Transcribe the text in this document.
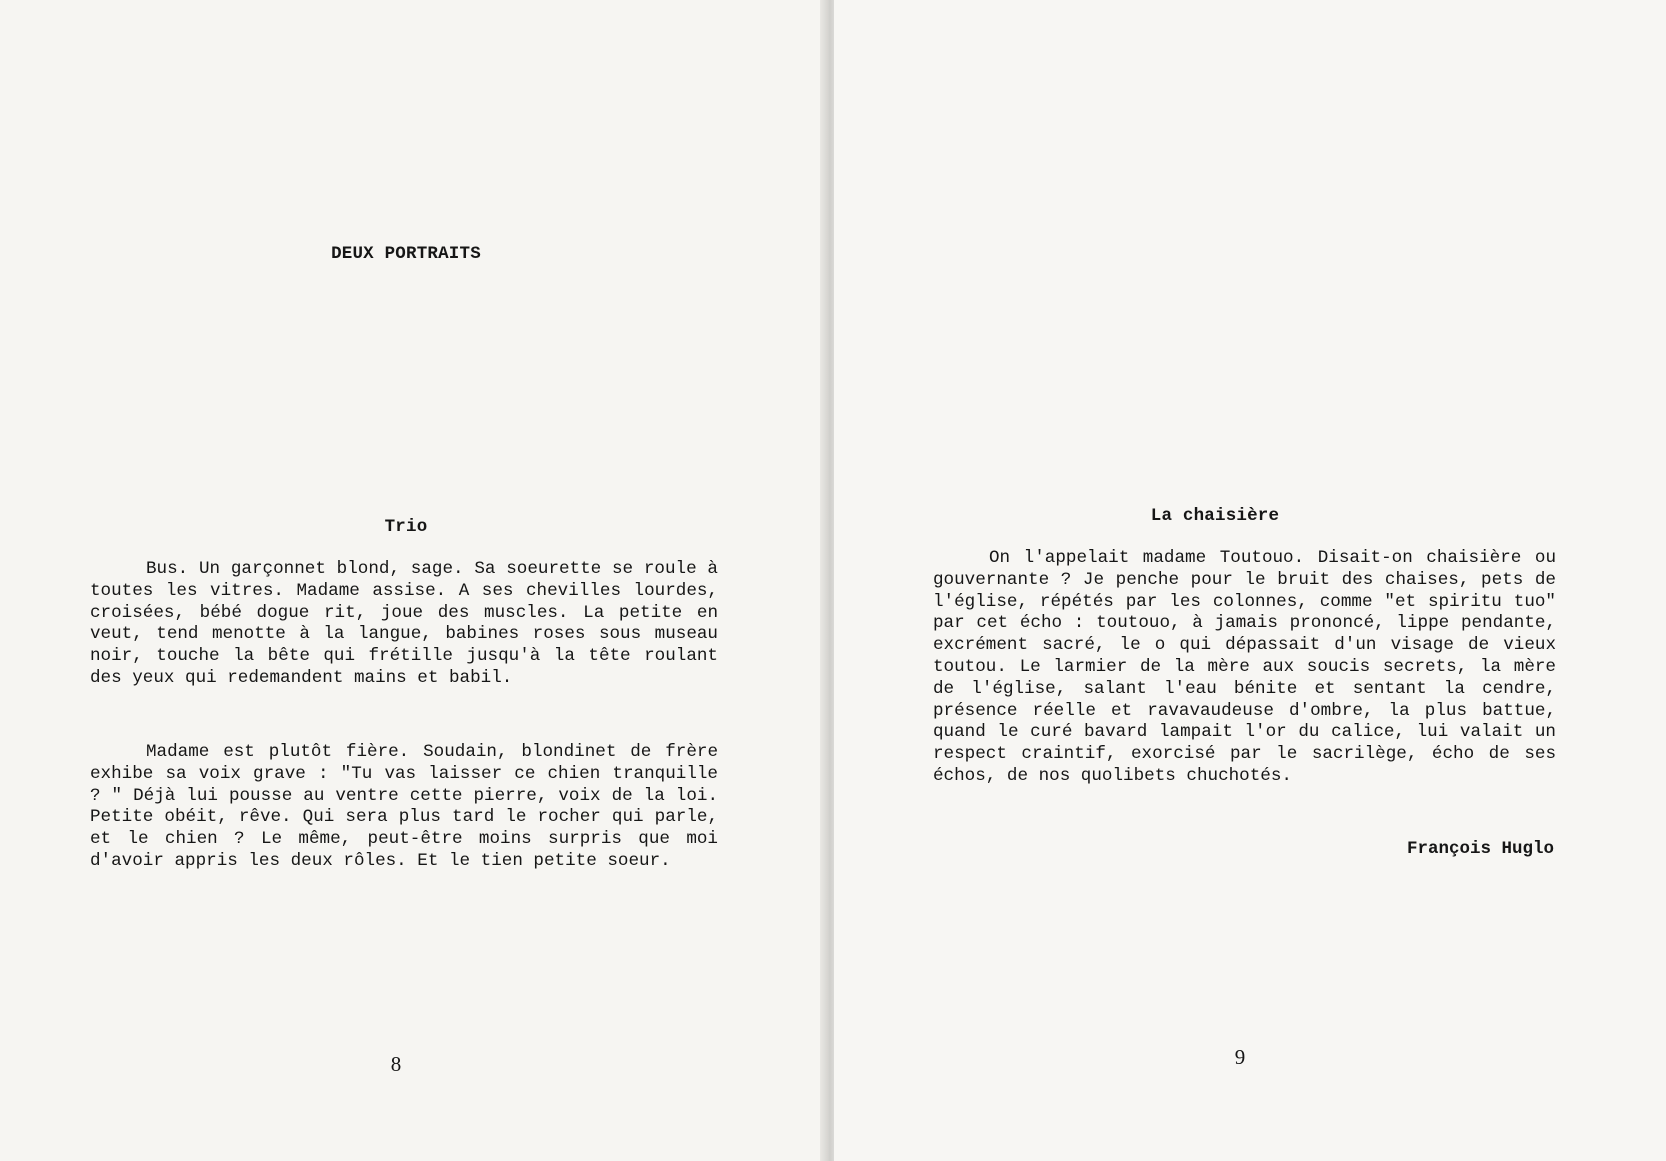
DEUX PORTRAITS
Trio

Bus. Un garçonnet blond, sage. Sa soeurette se roule à toutes les vitres. Madame assise. A ses chevilles lourdes, croisées, bébé dogue rit, joue des muscles. La petite en veut, tend menotte à la langue, babines roses sous museau noir, touche la bête qui frétille jusqu'à la tête roulant des yeux qui redemandent mains et babil.

Madame est plutôt fière. Soudain, blondinet de frère exhibe sa voix grave : "Tu vas laisser ce chien tranquille ? " Déjà lui pousse au ventre cette pierre, voix de la loi. Petite obéit, rêve. Qui sera plus tard le rocher qui parle, et le chien ? Le même, peut-être moins surpris que moi d'avoir appris les deux rôles. Et le tien petite soeur.

8
La chaisière

On l'appelait madame Toutouo. Disait-on chaisière ou gouvernante ? Je penche pour le bruit des chaises, pets de l'église, répétés par les colonnes, comme "et spiritu tuo" par cet écho : toutouo, à jamais prononcé, lippe pendante, excrément sacré, le o qui dépassait d'un visage de vieux toutou. Le larmier de la mère aux soucis secrets, la mère de l'église, salant l'eau bénite et sentant la cendre, présence réelle et ravavaudeuse d'ombre, la plus battue, quand le curé bavard lampait l'or du calice, lui valait un respect craintif, exorcisé par le sacrilège, écho de ses échos, de nos quolibets chuchotés.

François Huglo
9
